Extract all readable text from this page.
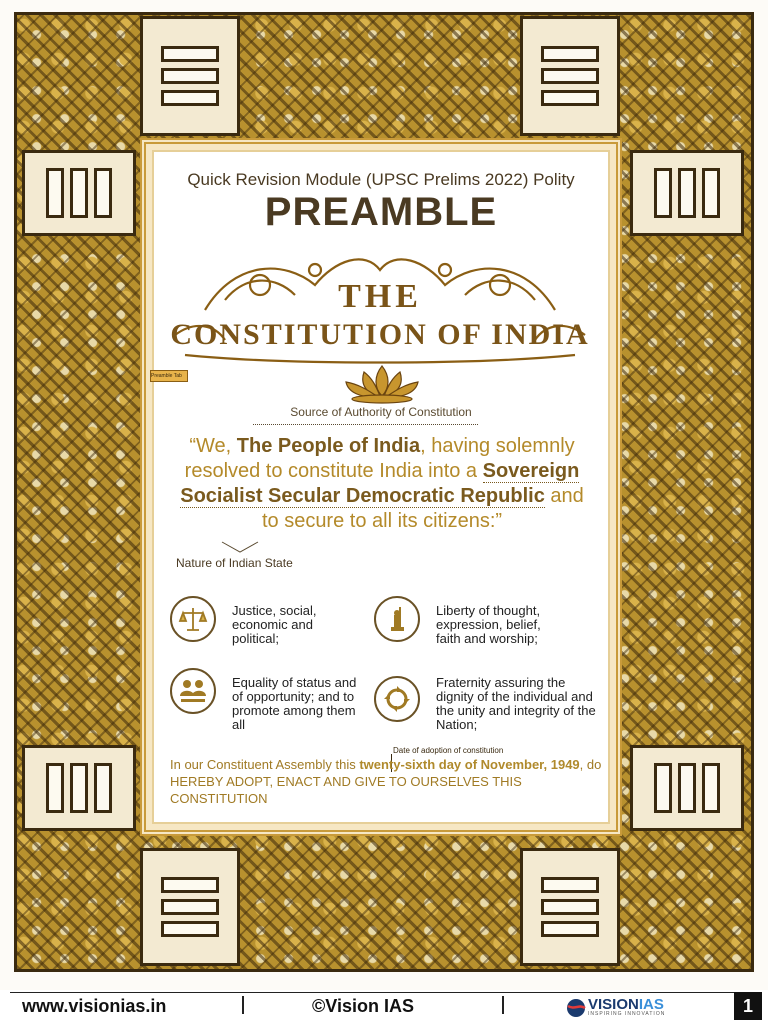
Quick Revision Module (UPSC Prelims 2022) Polity
PREAMBLE
THE
CONSTITUTION OF INDIA
Preamble Tab
Source of Authority of Constitution
“We, The People of India, having solemnly resolved to constitute India into a Sovereign Socialist Secular Democratic Republic and to secure to all its citizens:”
Nature of Indian State
Justice, social, economic and political;
Liberty of thought, expression, belief, faith and worship;
Equality of status and of opportunity; and to promote among them all
Fraternity assuring the dignity of the individual and the unity and integrity of the Nation;
Date of adoption of constitution
In our Constituent Assembly this twenty-sixth day of November, 1949, do HEREBY ADOPT, ENACT AND GIVE TO OURSELVES THIS CONSTITUTION
www.visionias.in	©Vision IAS	VISIONIAS
INSPIRING INNOVATION	1
